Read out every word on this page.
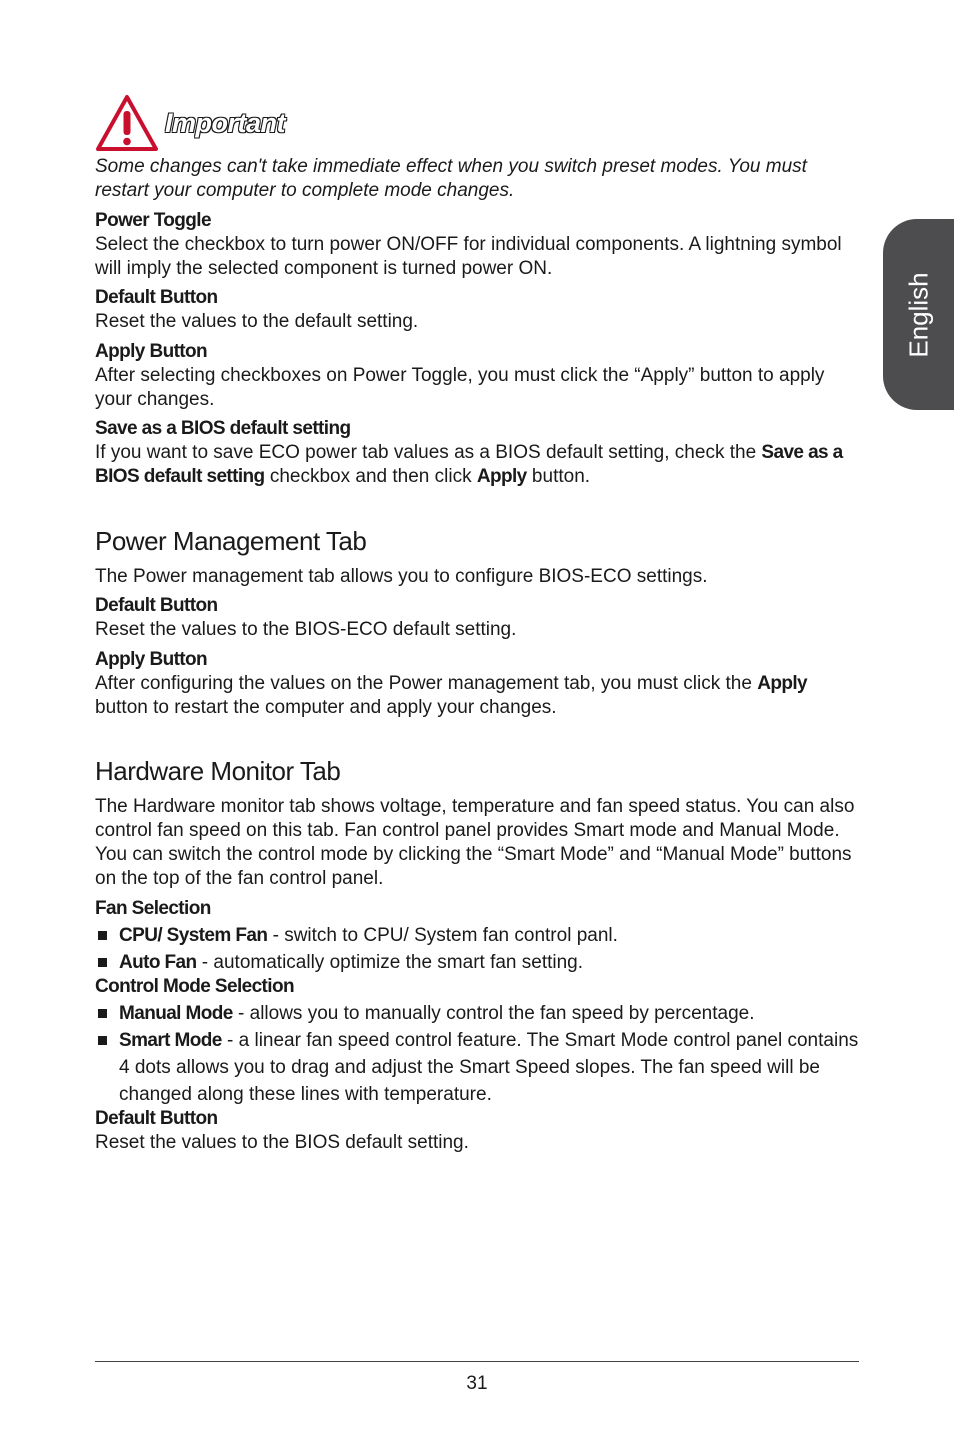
English
Important

Some changes can't take immediate effect when you switch preset modes. You must restart your computer to complete mode changes.

Power Toggle

Select the checkbox to turn power ON/OFF for individual components. A lightning symbol will imply the selected component is turned power ON.

Default Button

Reset the values to the default setting.

Apply Button

After selecting checkboxes on Power Toggle, you must click the “Apply” button to apply your changes.

Save as a BIOS default setting

If you want to save ECO power tab values as a BIOS default setting, check the Save as a BIOS default setting checkbox and then click Apply button.

Power Management Tab

The Power management tab allows you to configure BIOS-ECO settings.

Default Button

Reset the values to the BIOS-ECO default setting.

Apply Button

After configuring the values on the Power management tab, you must click the Apply button to restart the computer and apply your changes.

Hardware Monitor Tab

The Hardware monitor tab shows voltage, temperature and fan speed status. You can also control fan speed on this tab. Fan control panel provides Smart mode and Manual Mode. You can switch the control mode by clicking the “Smart Mode” and “Manual Mode” buttons on the top of the fan control panel.

Fan Selection
CPU/ System Fan - switch to CPU/ System fan control panl.
Auto Fan - automatically optimize the smart fan setting.
Control Mode Selection
Manual Mode - allows you to manually control the fan speed by percentage.
Smart Mode - a linear fan speed control feature. The Smart Mode control panel contains 4 dots allows you to drag and adjust the Smart Speed slopes. The fan speed will be changed along these lines with temperature.
Default Button

Reset the values to the BIOS default setting.

31
